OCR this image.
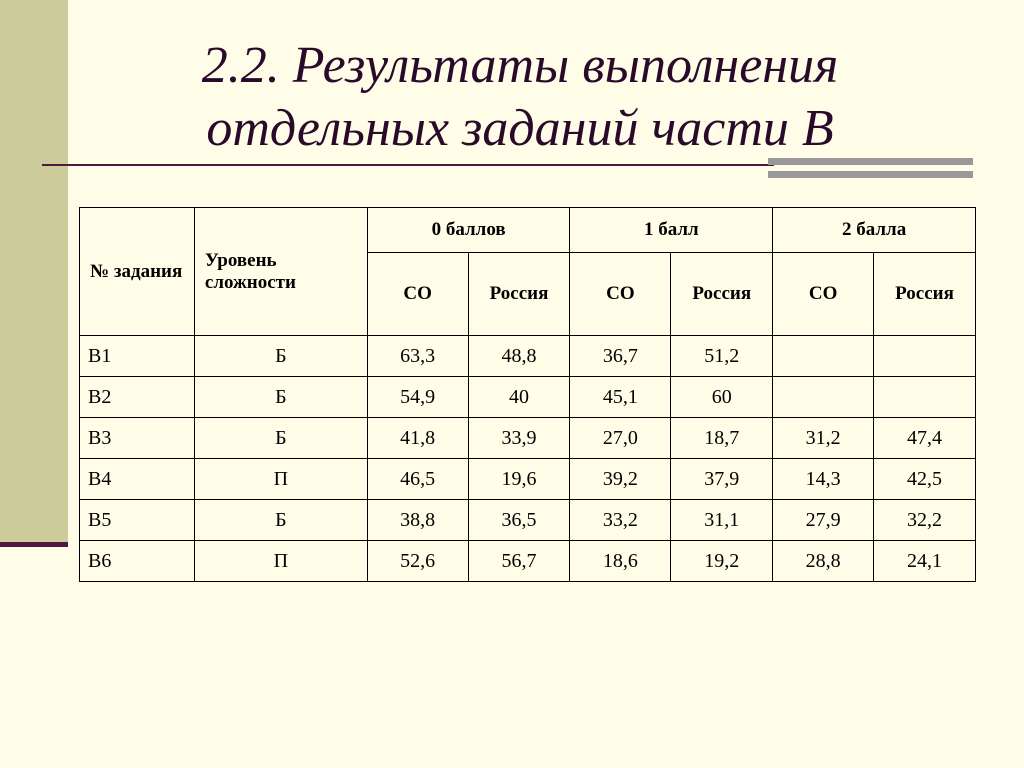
2.2. Результаты выполнения
отдельных заданий части В
№ задания	Уровень сложности	0 баллов		1 балл		2 балла	
		СО	Россия	СО	Россия	СО	Россия
В1	Б	63,3	48,8	36,7	51,2		
В2	Б	54,9	40	45,1	60		
В3	Б	41,8	33,9	27,0	18,7	31,2	47,4
В4	П	46,5	19,6	39,2	37,9	14,3	42,5
В5	Б	38,8	36,5	33,2	31,1	27,9	32,2
В6	П	52,6	56,7	18,6	19,2	28,8	24,1
